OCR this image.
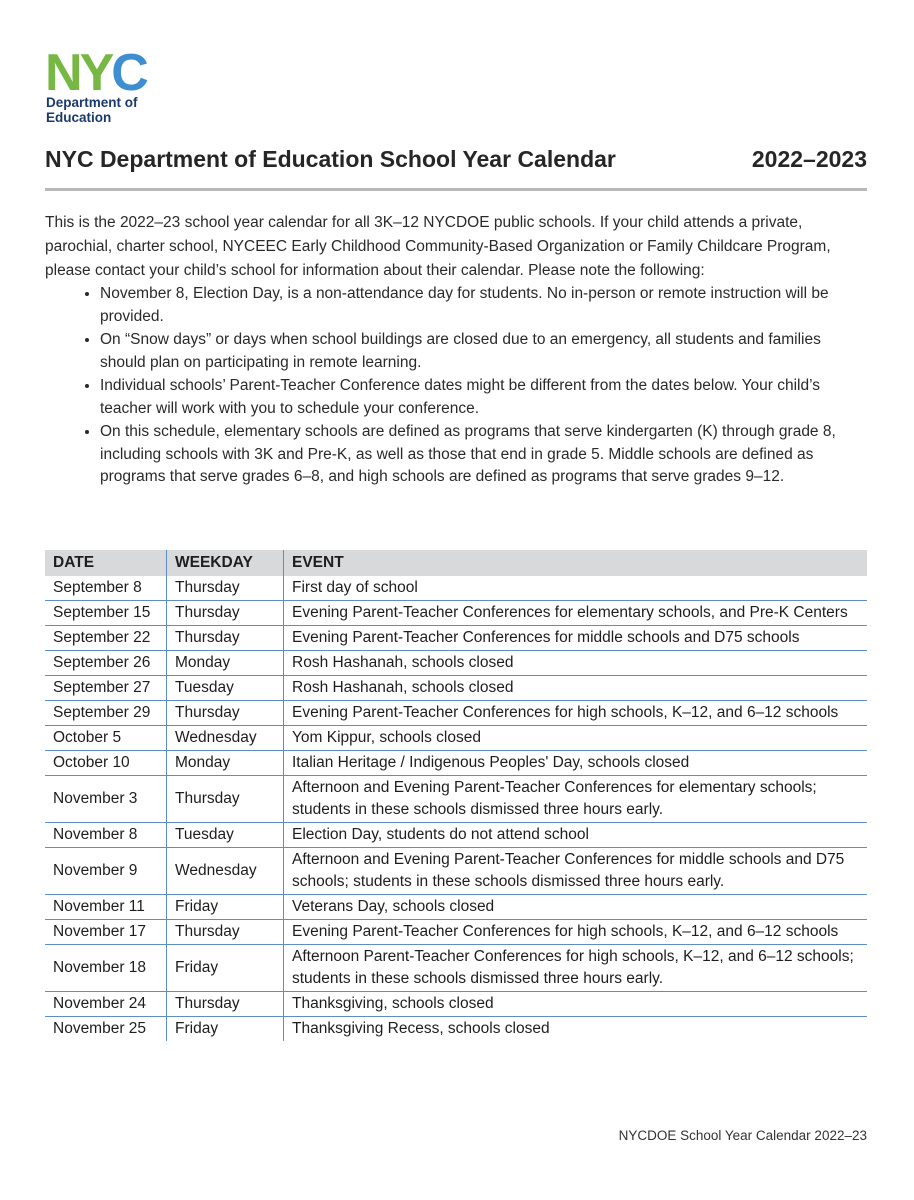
NYC
Department of
Education
NYC Department of Education School Year Calendar	2022–2023

This is the 2022–23 school year calendar for all 3K–12 NYCDOE public schools. If your child attends a private, parochial, charter school, NYCEEC Early Childhood Community-Based Organization or Family Childcare Program, please contact your child’s school for information about their calendar. Please note the following:

• November 8, Election Day, is a non-attendance day for students. No in-person or remote instruction will be provided.
• On “Snow days” or days when school buildings are closed due to an emergency, all students and families should plan on participating in remote learning.
• Individual schools’ Parent-Teacher Conference dates might be different from the dates below. Your child’s teacher will work with you to schedule your conference.
• On this schedule, elementary schools are defined as programs that serve kindergarten (K) through grade 8, including schools with 3K and Pre-K, as well as those that end in grade 5. Middle schools are defined as programs that serve grades 6–8, and high schools are defined as programs that serve grades 9–12.
DATE	WEEKDAY	EVENT
September 8	Thursday	First day of school
September 15	Thursday	Evening Parent-Teacher Conferences for elementary schools, and Pre-K Centers
September 22	Thursday	Evening Parent-Teacher Conferences for middle schools and D75 schools
September 26	Monday	Rosh Hashanah, schools closed
September 27	Tuesday	Rosh Hashanah, schools closed
September 29	Thursday	Evening Parent-Teacher Conferences for high schools, K–12, and 6–12 schools
October 5	Wednesday	Yom Kippur, schools closed
October 10	Monday	Italian Heritage / Indigenous Peoples' Day, schools closed
November 3	Thursday	Afternoon and Evening Parent-Teacher Conferences for elementary schools; students in these schools dismissed three hours early.
November 8	Tuesday	Election Day, students do not attend school
November 9	Wednesday	Afternoon and Evening Parent-Teacher Conferences for middle schools and D75 schools; students in these schools dismissed three hours early.
November 11	Friday	Veterans Day, schools closed
November 17	Thursday	Evening Parent-Teacher Conferences for high schools, K–12, and 6–12 schools
November 18	Friday	Afternoon Parent-Teacher Conferences for high schools, K–12, and 6–12 schools; students in these schools dismissed three hours early.
November 24	Thursday	Thanksgiving, schools closed
November 25	Friday	Thanksgiving Recess, schools closed
NYCDOE School Year Calendar 2022–23
